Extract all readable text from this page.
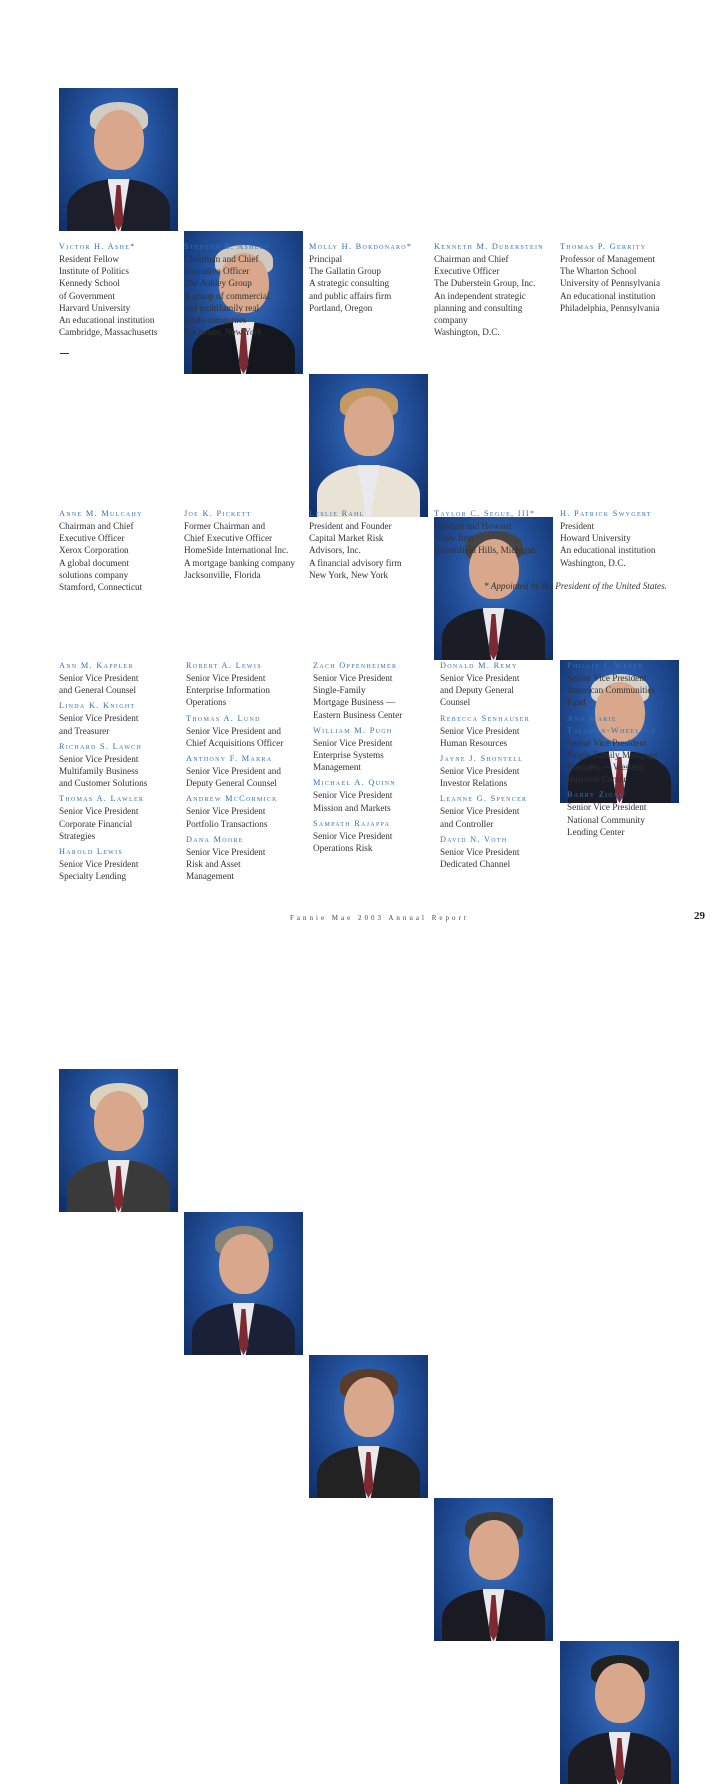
Victor H. Ashe*
Resident Fellow
Institute of Politics
Kennedy School
of Government
Harvard University
An educational institution
Cambridge, Massachusetts
Stephen B. Ashley
Chairman and Chief
Executive Officer
The Ashley Group
A group of commercial
and multifamily real
estate companies
Rochester, New York
Molly H. Bordonaro*
Principal
The Gallatin Group
A strategic consulting
and public affairs firm
Portland, Oregon
Kenneth M. Duberstein
Chairman and Chief
Executive Officer
The Duberstein Group, Inc.
An independent strategic
planning and consulting
company
Washington, D.C.
Thomas P. Gerrity
Professor of Management
The Wharton School
University of Pennsylvania
An educational institution
Philadelphia, Pennsylvania
Anne M. Mulcahy
Chairman and Chief
Executive Officer
Xerox Corporation
A global document
solutions company
Stamford, Connecticut
Joe K. Pickett
Former Chairman and
Chief Executive Officer
HomeSide International Inc.
A mortgage banking company
Jacksonville, Florida
Leslie Rahl
President and Founder
Capital Market Risk
Advisors, Inc.
A financial advisory firm
New York, New York
Taylor C. Segue, III*
Howard and Howard
A law firm
Bloomfield Hills, Michigan
H. Patrick Swygert
President
Howard University
An educational institution
Washington, D.C.
* Appointed by the President of the United States.
Ann M. Kappler
Senior Vice President
and General Counsel
Linda K. Knight
Senior Vice President
and Treasurer
Richard S. Lawch
Senior Vice President
Multifamily Business
and Customer Solutions
Thomas A. Lawler
Senior Vice President
Corporate Financial
Strategies
Harold Lewis
Senior Vice President
Specialty Lending
Robert A. Lewis
Senior Vice President
Enterprise Information
Operations
Thomas A. Lund
Senior Vice President and
Chief Acquisitions Officer
Anthony F. Marra
Senior Vice President and
Deputy General Counsel
Andrew McCormick
Senior Vice President
Portfolio Transactions
Dana Moore
Senior Vice President
Risk and Asset
Management
Zach Oppenheimer
Senior Vice President
Single-Family
Mortgage Business —
Eastern Business Center
William M. Pugh
Senior Vice President
Enterprise Systems
Management
Michael A. Quinn
Senior Vice President
Mission and Markets
Sampath Rajappa
Senior Vice President
Operations Risk
Donald M. Remy
Senior Vice President
and Deputy General
Counsel
Rebecca Senhauser
Senior Vice President
Human Resources
Jayne J. Shontell
Senior Vice President
Investor Relations
Leanne G. Spencer
Senior Vice President
and Controller
David N. Voth
Senior Vice President
Dedicated Channel
Phillip J. Weber
Senior Vice President
American Communities
Fund
Ann Marie
Tallman-Wheelock
Senior Vice President
Single-Family Mortgage
Business — Western
Business Center
Barry Zigas
Senior Vice President
National Community
Lending Center
Fannie Mae 2003 Annual Report	29
